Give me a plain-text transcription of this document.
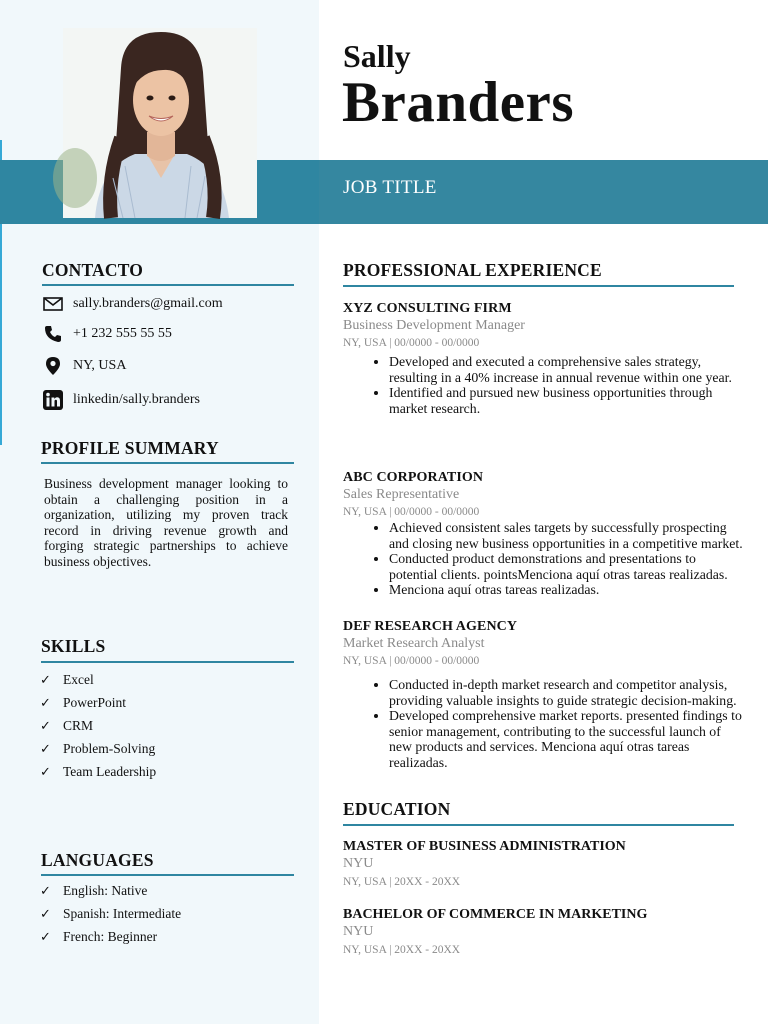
Sally
Branders
JOB TITLE
CONTACTO
sally.branders@gmail.com
+1 232 555 55 55
NY, USA
linkedin/sally.branders
PROFILE SUMMARY
Business development manager looking to obtain a challenging position in a organization, utilizing my proven track record in driving revenue growth and forging strategic partnerships to achieve business objectives.
SKILLS
✓ Excel
✓ PowerPoint
✓ CRM
✓ Problem-Solving
✓ Team Leadership
LANGUAGES
✓ English: Native
✓ Spanish: Intermediate
✓ French: Beginner
PROFESSIONAL EXPERIENCE
XYZ CONSULTING FIRM
Business Development Manager
NY, USA | 00/0000 - 00/0000
• Developed and executed a comprehensive sales strategy, resulting in a 40% increase in annual revenue within one year.
• Identified and pursued new business opportunities through market research.
ABC CORPORATION
Sales Representative
NY, USA | 00/0000 - 00/0000
• Achieved consistent sales targets by successfully prospecting and closing new business opportunities in a competitive market.
• Conducted product demonstrations and presentations to potential clients. pointsMenciona aquí otras tareas realizadas.
• Menciona aquí otras tareas realizadas.
DEF RESEARCH AGENCY
Market Research Analyst
NY, USA | 00/0000 - 00/0000
• Conducted in-depth market research and competitor analysis, providing valuable insights to guide strategic decision-making.
• Developed comprehensive market reports. presented findings to senior management, contributing to the successful launch of new products and services. Menciona aquí otras tareas realizadas.
EDUCATION
MASTER OF BUSINESS ADMINISTRATION
NYU
NY, USA | 20XX - 20XX
BACHELOR OF COMMERCE IN MARKETING
NYU
NY, USA | 20XX - 20XX
